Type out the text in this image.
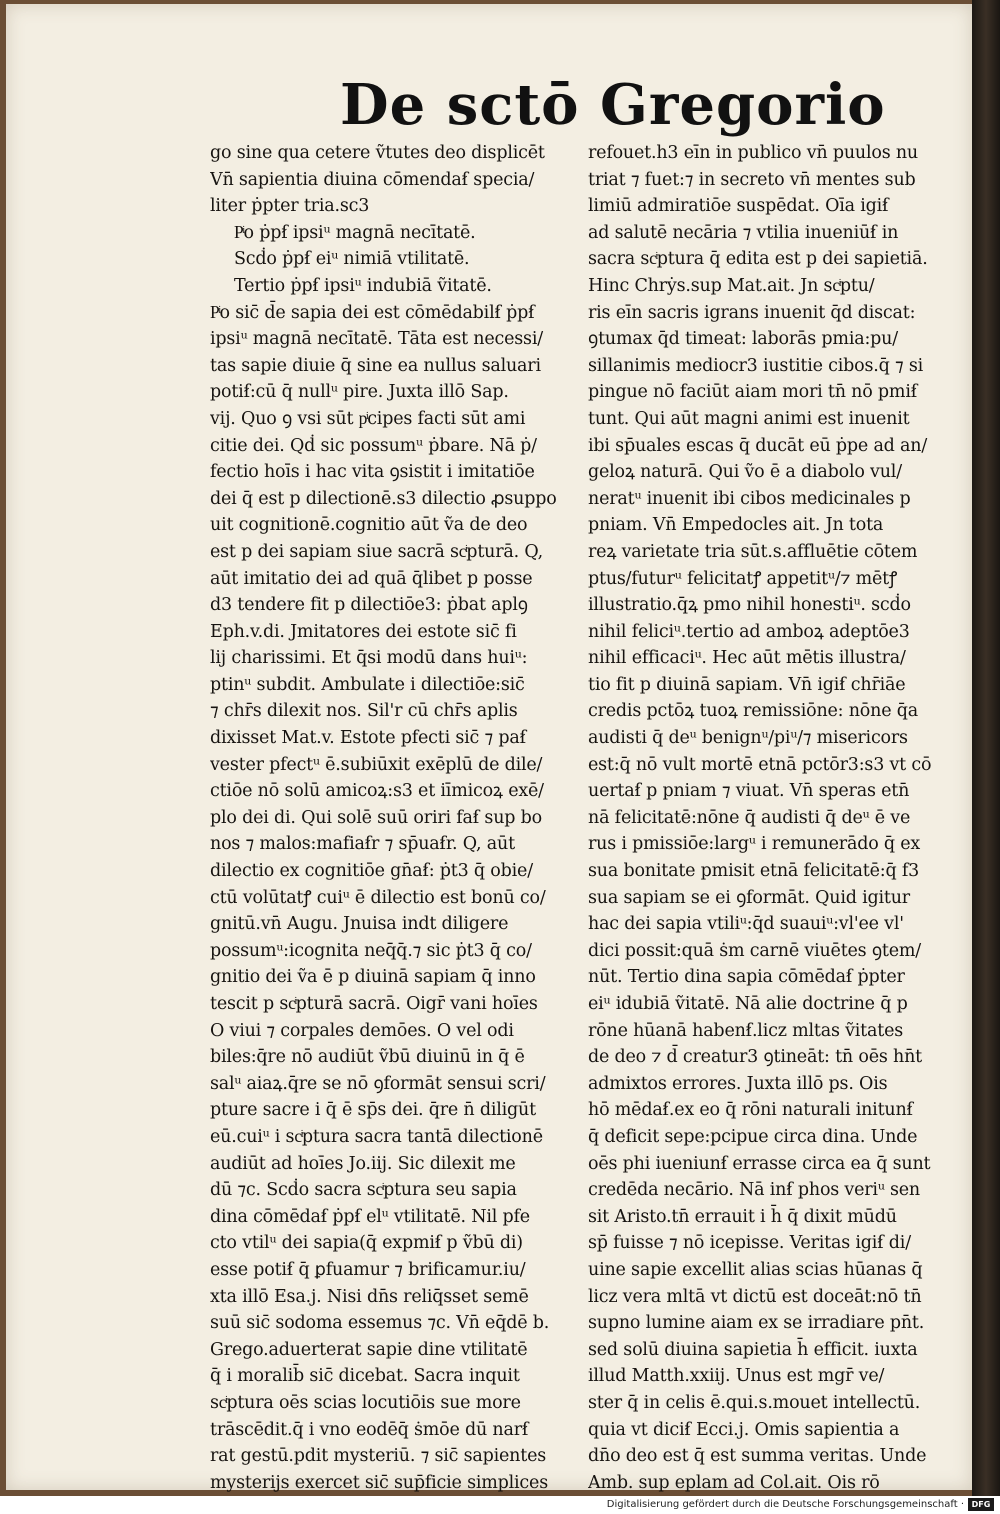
De sctō Gregorio
go sine qua cetere ṽtutes deo displicēt
Vn̄ sapientia diuina cōmendaẜ specia/
liter ṗpter tria.sc3
Pͥo ṗpẜ ipsiᵘ magnā necītatē.
Scḋo ṗpẜ eiᵘ nimiā vtilitatē.
Tertio ṗpẜ ipsiᵘ indubiā ṽitatē.
Pͥo sic̄ d̄e sapia dei est cōmēdabilẜ ṗpẜ
ipsiᵘ magnā necītatē. Tāta est necessi/
tas sapie diuie q̄ sine ea nullus saluari
potiẜ:cū q̄ nullᵘ pire. Juxta illō Sap.
vij. Quo ꝯ vsi sūt pͥcipes facti sūt ami
citie dei. Qḋ sic possumᵘ ṗbare. Nā ṗ/
fectio hoīs i hac vita ꝯsistit i imitatiōe
dei q̄ est p dilectionē.s3 dilectio ꝓsuppo
uit cognitionē.cognitio aūt ṽa de deo
est p dei sapiam siue sacrā scͥpturā. Q,
aūt imitatio dei ad quā q̄libet p posse
d3 tendere fit p dilectiōe3: ṗbat aplꝯ
Eph.v.di. Jmitatores dei estote sic̄ fi
lij charissimi. Et q̄si modū dans huiᵘ:
ptinᵘ subdit. Ambulate i dilectiōe:sic̄
⁊ chr̄s dilexit nos. Sil'r cū chr̄s aplis
dixisset Mat.v. Estote pfecti sic̄ ⁊ paẜ
vester pfectᵘ ē.subiūxit exēplū de dile/
ctiōe nō solū amicoꝝ:s3 et iīmicoꝝ exē/
plo dei di. Qui solē suū oriri faẜ sup bo
nos ⁊ malos:mafiaẜr ⁊ sp̄uaẜr. Q, aūt
dilectio ex cognitiōe gn̄aẜ: ṗt3 q̄ obie/
ctū volūtatꝭ cuiᵘ ē dilectio est bonū co/
gnitū.vn̄ Augu. Jnuisa indt diligere
possumᵘ:icognita neq̄q̄.⁊ sic ṗt3 q̄ co/
gnitio dei ṽa ē p diuinā sapiam q̄ inno
tescit p scͥpturā sacrā. Oigr̄ vani hoīes
O viui ⁊ corpales demōes. O vel odi
biles:q̄re nō audiūt ṽbū diuinū in q̄ ē
salᵘ aiaꝝ.q̄re se nō ꝯformāt sensui scri/
pture sacre i q̄ ē sp̄s dei. q̄re n̄ diligūt
eū.cuiᵘ i scͥptura sacra tantā dilectionē
audiūt ad hoīes Jo.iij. Sic dilexit me
dū ⁊c. Scḋo sacra scͥptura seu sapia
dina cōmēdaẜ ṗpẜ elᵘ vtilitatē. Nil pfe
cto vtilᵘ dei sapia(q̄ expmiẜ p ṽbū di)
esse potiẜ q̄ ꝑfuamur ⁊ brificamur.iu/
xta illō Esa.j. Nisi dn̄s reliq̄sset semē
suū sic̄ sodoma essemus ⁊c. Vn̄ eq̄dē b.
Grego.aduerterat sapie dine vtilitatē
q̄ i moralib̄ sic̄ dicebat. Sacra inquit
scͥptura oēs scias locutiōis sue more
trāscēdit.q̄ i vno eodēq̄ ṡmōe dū narẜ
rat gestū.pdit mysteriū. ⁊ sic̄ sapientes
mysterijs exercet sic̄ sup̄ficie simplices
refouet.h3 eīn in publico vn̄ puulos nu
triat ⁊ fuet:⁊ in secreto vn̄ mentes sub
limiū admiratiōe suspēdat. Oīa igiẜ
ad salutē necāria ⁊ vtilia inueniūẜ in
sacra scͥptura q̄ edita est p dei sapietiā.
Hinc Chrẏs.sup Mat.ait. Jn scͥptu/
ris eīn sacris igrans inuenit q̄d discat:
ꝯtumax q̄d timeat: laborās pmia:pu/
sillanimis mediocr3 iustitie cibos.q̄ ⁊ si
pingue nō faciūt aiam mori tn̄ nō pmiẜ
tunt. Qui aūt magni animi est inuenit
ibi sp̄uales escas q̄ ducāt eū ṗpe ad an/
geloꝝ naturā. Qui ṽo ē a diabolo vul/
neratᵘ inuenit ibi cibos medicinales p
pniam. Vn̄ Empedocles ait. Jn tota
reꝝ varietate tria sūt.s.affluētie cōtem
ptus/futurᵘ felicitatꝭ appetitᵘ/⁊ mētꝭ
illustratio.q̄ꝝ pmo nihil honestiᵘ. scḋo
nihil feliciᵘ.tertio ad amboꝝ adeptōe3
nihil efficaciᵘ. Hec aūt mētis illustra/
tio fit p diuinā sapiam. Vn̄ igiẜ chr̄iāe
credis pctōꝝ tuoꝝ remissiōne: nōne q̄a
audisti q̄ deᵘ benignᵘ/piᵘ/⁊ misericors
est:q̄ nō vult mortē etnā pctōr3:s3 vt cō
uertaẜ p pniam ⁊ viuat. Vn̄ speras etn̄
nā felicitatē:nōne q̄ audisti q̄ deᵘ ē ve
rus i pmissiōe:largᵘ i remunerādo q̄ ex
sua bonitate pmisit etnā felicitatē:q̄ f3
sua sapiam se ei ꝯformāt. Quid igitur
hac dei sapia vtiliᵘ:q̄d suauiᵘ:vl'ee vl'
dici possit:quā ṡm carnē viuētes ꝯtem/
nūt. Tertio dina sapia cōmēdaẜ ṗpter
eiᵘ idubiā ṽitatē. Nā alie doctrine q̄ p
rōne hūanā habenẜ.licz mltas ṽitates
de deo ⁊ d̄ creatur3 ꝯtineāt: tn̄ oēs hn̄t
admixtos errores. Juxta illō ps. Ois
hō mēdaẜ.ex eo q̄ rōni naturali initunẜ
q̄ deficit sepe:pcipue circa dina. Unde
oēs phi iueniunẜ errasse circa ea q̄ sunt
credēda necārio. Nā inẜ phos veriᵘ sen
sit Aristo.tn̄ errauit i h̄ q̄ dixit mūdū
sp̄ fuisse ⁊ nō icepisse. Veritas igiẜ di/
uine sapie excellit alias scias hūanas q̄
licz vera mltā vt dictū est doceāt:nō tn̄
supno lumine aiam ex se irradiare pn̄t.
sed solū diuina sapietia h̄ efficit. iuxta
illud Matth.xxiij. Unus est mgr̄ ve/
ster q̄ in celis ē.qui.s.mouet intellectū.
quia vt diciẜ Ecci.j. Omis sapientia a
dn̄o deo est q̄ est summa veritas. Unde
Amb. sup eplam ad Col.ait. Ois rō
Digitalisierung gefördert durch die Deutsche Forschungsgemeinschaft · DFG
